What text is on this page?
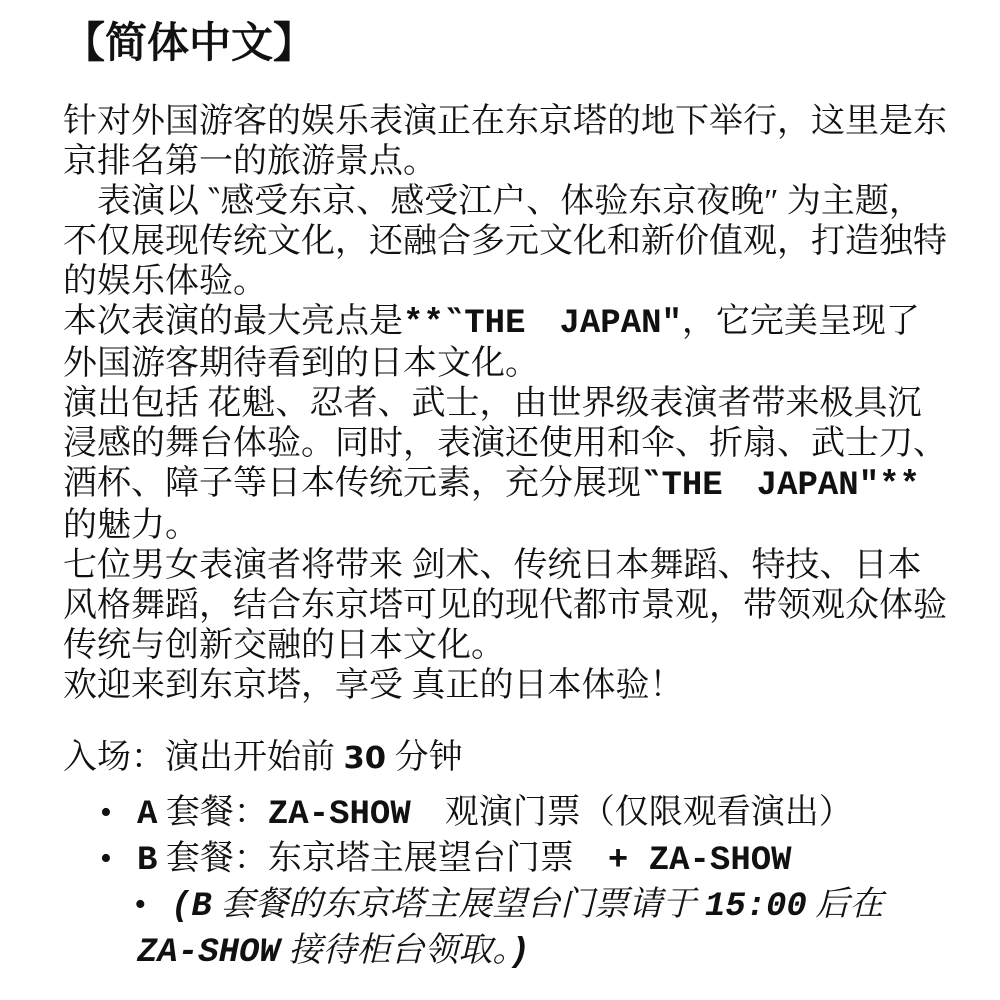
【简体中文】

针对外国游客的娱乐表演正在东京塔的地下举行，这里是东京排名第一的旅游景点。

　表演以 ‶感受东京、感受江户、体验东京夜晚″ 为主题，不仅展现传统文化，还融合多元文化和新价值观，打造独特的娱乐体验。

本次表演的最大亮点是**‶THE　JAPAN″，它完美呈现了外国游客期待看到的日本文化。

演出包括 花魁、忍者、武士，由世界级表演者带来极具沉浸感的舞台体验。同时，表演还使用和伞、折扇、武士刀、酒杯、障子等日本传统元素，充分展现‶THE　JAPAN″** 的魅力。

七位男女表演者将带来 剑术、传统日本舞蹈、特技、日本风格舞蹈，结合东京塔可见的现代都市景观，带领观众体验传统与创新交融的日本文化。

欢迎来到东京塔，享受 真正的日本体验！

入场：演出开始前 30 分钟

• A 套餐：ZA-SHOW　观演门票（仅限观看演出）
• B 套餐：东京塔主展望台门票　+ ZA-SHOW
• (B 套餐的东京塔主展望台门票请于 15:00 后在 ZA-SHOW 接待柜台领取。)
